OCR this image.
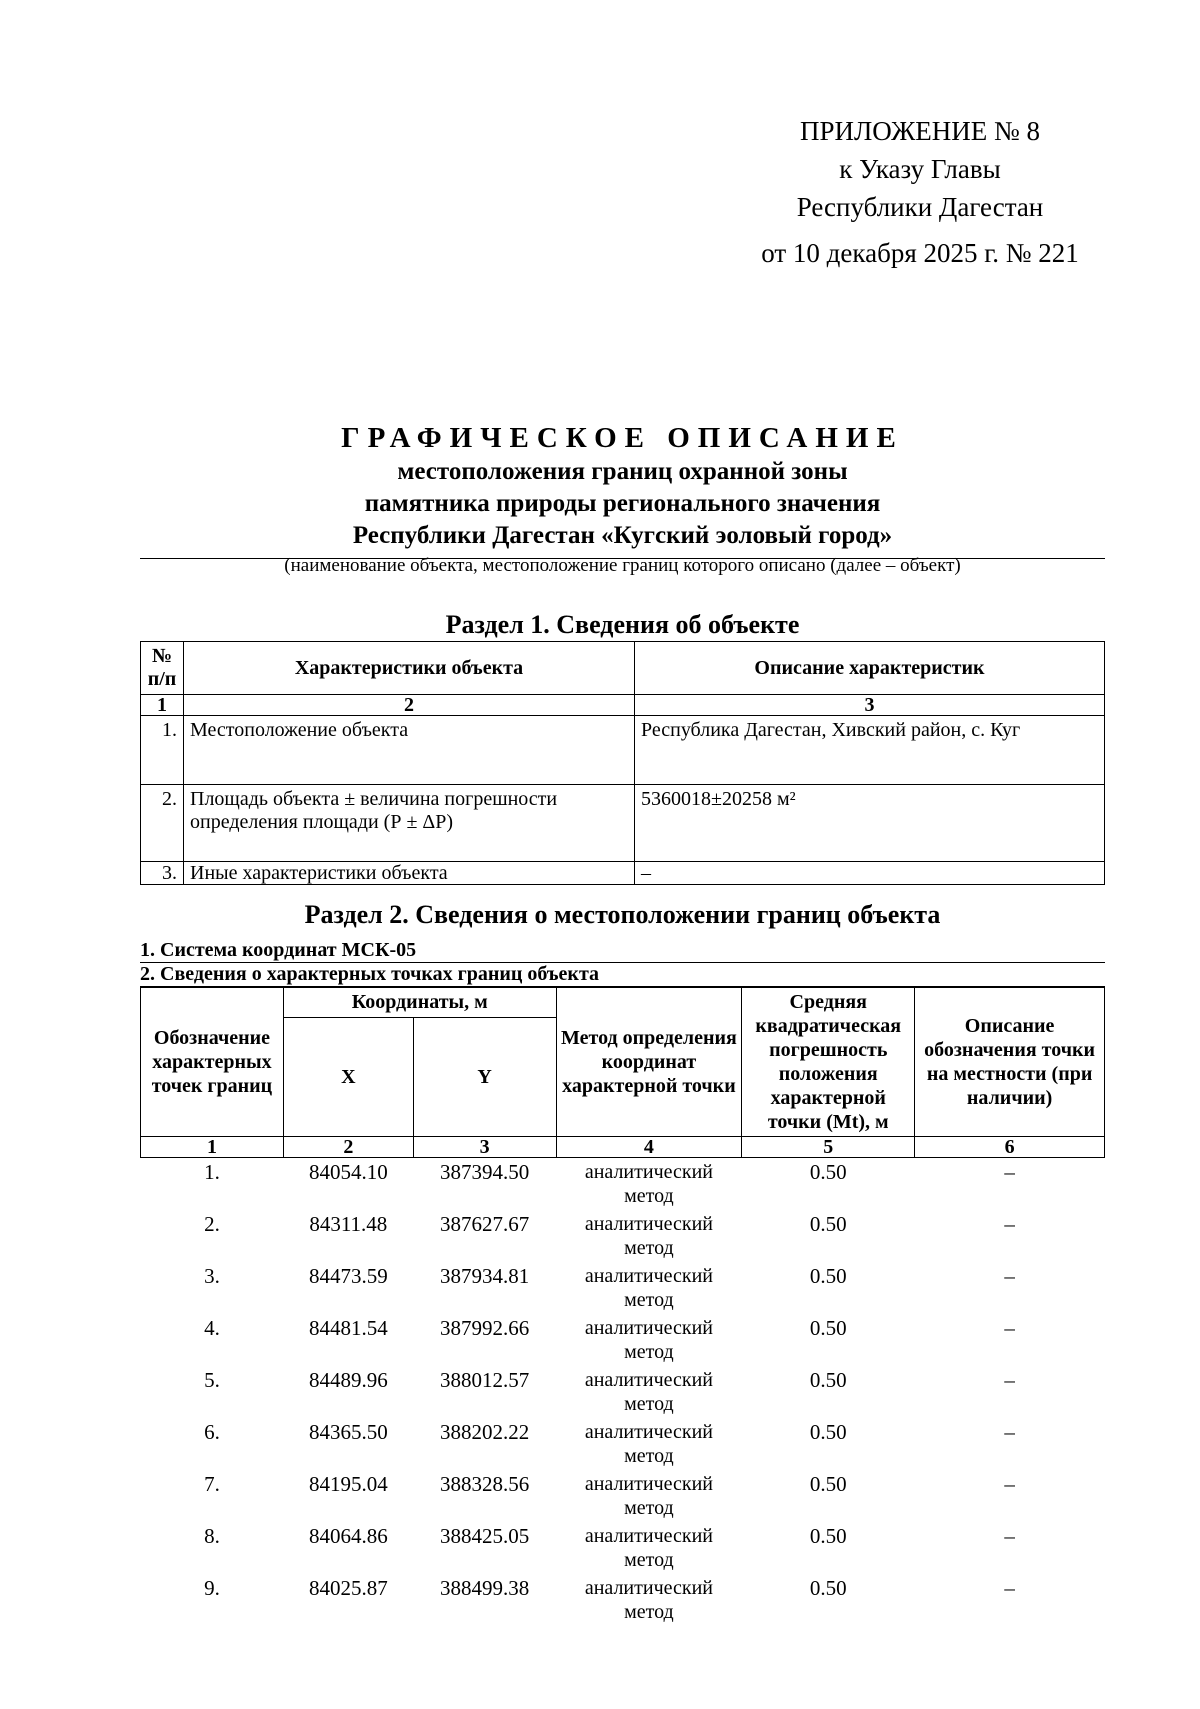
ПРИЛОЖЕНИЕ № 8
к Указу Главы
Республики Дагестан
от 10 декабря 2025 г. № 221
ГРАФИЧЕСКОЕ ОПИСАНИЕ
местоположения границ охранной зоны
памятника природы регионального значения
Республики Дагестан «Кугский эоловый город»
(наименование объекта, местоположение границ которого описано (далее – объект)
Раздел 1. Сведения об объекте
№ п/п	Характеристики объекта	Описание характеристик
1	2	3
1.	Местоположение объекта	Республика Дагестан, Хивский район, с. Куг
2.	Площадь объекта ± величина погрешности определения площади (Р ± ΔР)	5360018±20258 м²
3.	Иные характеристики объекта	–
Раздел 2. Сведения о местоположении границ объекта
1. Система координат МСК-05
2. Сведения о характерных точках границ объекта
Обозначение характерных точек границ	Координаты, м		Метод определения координат характерной точки	Средняя квадратическая погрешность положения характерной точки (Mt), м	Описание обозначения точки на местности (при наличии)
	X	Y			
1	2	3	4	5	6
1.	84054.10	387394.50	аналитический метод	0.50	–
2.	84311.48	387627.67	аналитический метод	0.50	–
3.	84473.59	387934.81	аналитический метод	0.50	–
4.	84481.54	387992.66	аналитический метод	0.50	–
5.	84489.96	388012.57	аналитический метод	0.50	–
6.	84365.50	388202.22	аналитический метод	0.50	–
7.	84195.04	388328.56	аналитический метод	0.50	–
8.	84064.86	388425.05	аналитический метод	0.50	–
9.	84025.87	388499.38	аналитический метод	0.50	–
